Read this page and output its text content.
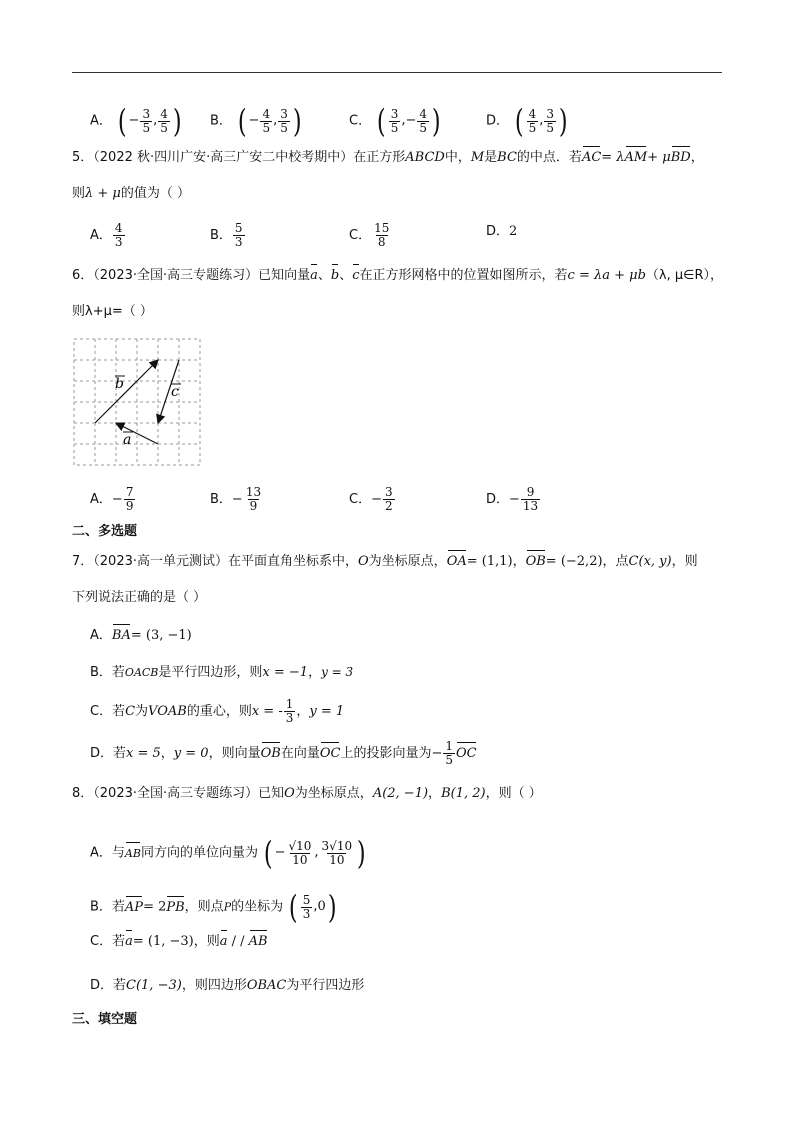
A． ( − $\frac{3}{5}$ , $\frac{4}{5}$ ) B． ( − $\frac{4}{5}$ , $\frac{3}{5}$ )	C． ( $\frac{3}{5}$ , − $\frac{4}{5}$ )	D． ( $\frac{4}{5}$ , $\frac{3}{5}$ )
5．（2022 秋·四川广安·高三广安二中校考期中）在正方形ABCD中，M是BC的中点．若AC= λAM+ μBD，
则λ + μ的值为（ ）
A． $\frac{4}{3}$	B． $\frac{5}{3}$	C． $\frac{15}{8}$	D．2
6．（2023·全国·高三专题练习）已知向量a、b、c在正方形网格中的位置如图所示，若c = λa + μb（λ, μ∈R），
则λ+μ=（ ）
b	c
a
A．− $\frac{7}{9}$	B．− $\frac{13}{9}$	C．− $\frac{3}{2}$	D．− $\frac{9}{13}$
二、多选题
7．（2023·高一单元测试）在平面直角坐标系中，O为坐标原点，OA= (1,1)，OB= (−2,2)，点C(x, y)，则
下列说法正确的是（ ）
A．BA= (3, −1)
B．若OACB是平行四边形，则x = −1，y = 3
C．若C为VOAB的重心，则x = - $\frac{1}{3}$ ，y = 1
D．若x = 5，y = 0，则向量OB在向量OC上的投影向量为− $\frac{1}{5}$ OC
8．（2023·全国·高三专题练习）已知O为坐标原点，A(2, −1)，B(1, 2)，则（ ）
A．与AB同方向的单位向量为 ( − $\frac{√10}{10}$ , $\frac{3√10}{10}$ )
B．若AP= 2PB，则点P的坐标为 ( $\frac{5}{3}$ , 0 )
C．若a= (1, −3)，则a / / AB
D．若C(1, −3)，则四边形OBAC为平行四边形
三、填空题
